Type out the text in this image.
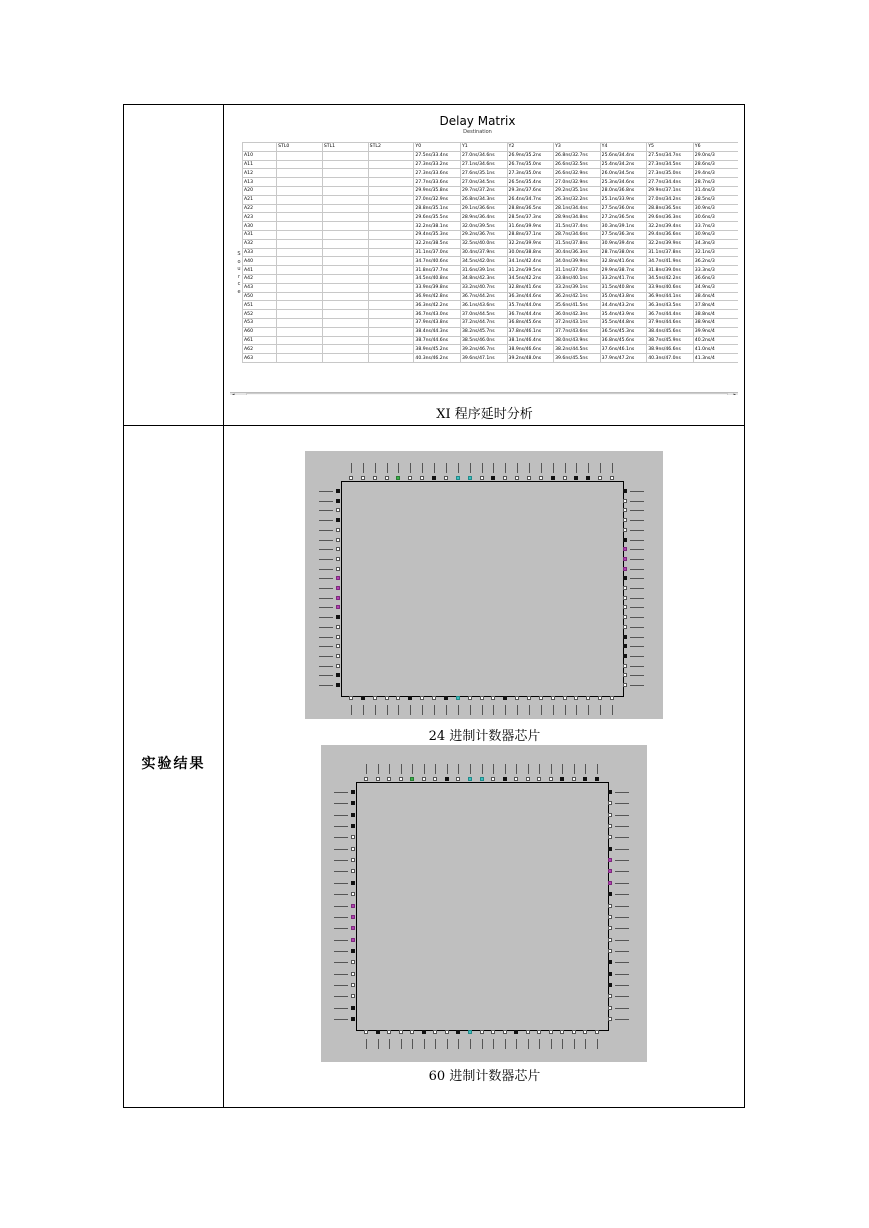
实验结果
Delay Matrix
Destination
S
o
u
r
c
e
	STL0	STL1	STL2	Y0	Y1	Y2	Y3	Y4	Y5	Y6
A10				27.5ns/33.4ns	27.0ns/34.6ns	26.9ns/35.2ns	26.8ns/32.7ns	25.6ns/34.4ns	27.5ns/34.7ns	29.0ns/3
A11				27.3ns/33.2ns	27.1ns/34.6ns	26.7ns/35.0ns	26.6ns/32.5ns	25.4ns/34.2ns	27.3ns/34.5ns	28.6ns/3
A12				27.3ns/33.6ns	27.6ns/35.1ns	27.3ns/35.0ns	26.6ns/32.9ns	26.0ns/34.5ns	27.3ns/35.0ns	29.4ns/3
A13				27.7ns/33.6ns	27.0ns/34.5ns	26.5ns/35.4ns	27.0ns/32.9ns	25.3ns/34.6ns	27.7ns/34.4ns	28.7ns/3
A20				29.9ns/35.8ns	29.7ns/37.2ns	29.3ns/37.6ns	29.2ns/35.1ns	28.0ns/36.8ns	29.9ns/37.1ns	31.4ns/3
A21				27.0ns/32.9ns	26.8ns/34.3ns	26.4ns/34.7ns	26.3ns/32.2ns	25.1ns/33.9ns	27.0ns/34.2ns	28.5ns/3
A22				28.8ns/35.1ns	29.1ns/36.6ns	28.8ns/36.5ns	28.1ns/34.4ns	27.5ns/36.0ns	28.8ns/36.5ns	30.9ns/3
A23				29.6ns/35.5ns	28.9ns/36.4ns	28.5ns/37.3ns	28.9ns/34.8ns	27.2ns/36.5ns	29.6ns/36.3ns	30.6ns/3
A30				32.2ns/38.1ns	32.0ns/39.5ns	31.6ns/39.9ns	31.5ns/37.4ns	30.3ns/39.1ns	32.2ns/39.4ns	33.7ns/3
A31				29.4ns/35.3ns	29.2ns/36.7ns	28.8ns/37.1ns	28.7ns/34.6ns	27.5ns/36.3ns	29.4ns/36.6ns	30.9ns/3
A32				32.2ns/38.5ns	32.5ns/40.0ns	32.2ns/39.9ns	31.5ns/37.8ns	30.9ns/39.4ns	32.2ns/39.9ns	34.3ns/3
A33				31.1ns/37.0ns	30.4ns/37.9ns	30.0ns/38.8ns	30.4ns/36.3ns	28.7ns/38.0ns	31.1ns/37.8ns	32.1ns/3
A40				34.7ns/40.6ns	34.5ns/42.0ns	34.1ns/42.4ns	34.0ns/39.9ns	32.8ns/41.6ns	34.7ns/41.9ns	36.2ns/3
A41				31.8ns/37.7ns	31.6ns/39.1ns	31.2ns/39.5ns	31.1ns/37.0ns	29.9ns/38.7ns	31.8ns/39.0ns	33.3ns/3
A42				34.5ns/40.8ns	34.8ns/42.3ns	34.5ns/42.2ns	33.8ns/40.1ns	33.2ns/41.7ns	34.5ns/42.2ns	36.6ns/3
A43				33.9ns/39.8ns	33.2ns/40.7ns	32.8ns/41.6ns	33.2ns/39.1ns	31.5ns/40.8ns	33.9ns/40.6ns	34.9ns/3
A50				36.9ns/42.8ns	36.7ns/44.2ns	36.3ns/44.6ns	36.2ns/42.1ns	35.0ns/43.8ns	36.9ns/44.1ns	38.4ns/4
A51				36.3ns/42.2ns	36.1ns/43.6ns	35.7ns/44.0ns	35.6ns/41.5ns	34.4ns/43.2ns	36.3ns/43.5ns	37.8ns/4
A52				36.7ns/43.0ns	37.0ns/44.5ns	36.7ns/44.4ns	36.0ns/42.3ns	35.4ns/43.9ns	36.7ns/44.4ns	38.8ns/4
A53				37.9ns/43.8ns	37.2ns/44.7ns	36.8ns/45.6ns	37.2ns/43.1ns	35.5ns/44.8ns	37.9ns/44.6ns	38.9ns/4
A60				38.4ns/44.3ns	38.2ns/45.7ns	37.8ns/46.1ns	37.7ns/43.6ns	36.5ns/45.3ns	38.4ns/45.6ns	39.9ns/4
A61				38.7ns/44.6ns	38.5ns/46.0ns	38.1ns/46.4ns	38.0ns/43.9ns	36.8ns/45.6ns	38.7ns/45.9ns	40.2ns/4
A62				38.9ns/45.2ns	39.2ns/46.7ns	38.9ns/46.6ns	38.2ns/44.5ns	37.6ns/46.1ns	38.9ns/46.6ns	41.0ns/4
A63				40.3ns/46.2ns	39.6ns/47.1ns	39.2ns/48.0ns	39.6ns/45.5ns	37.9ns/47.2ns	40.3ns/47.0ns	41.3ns/4
◂	▸
XI 程序延时分析
24 进制计数器芯片
60 进制计数器芯片
